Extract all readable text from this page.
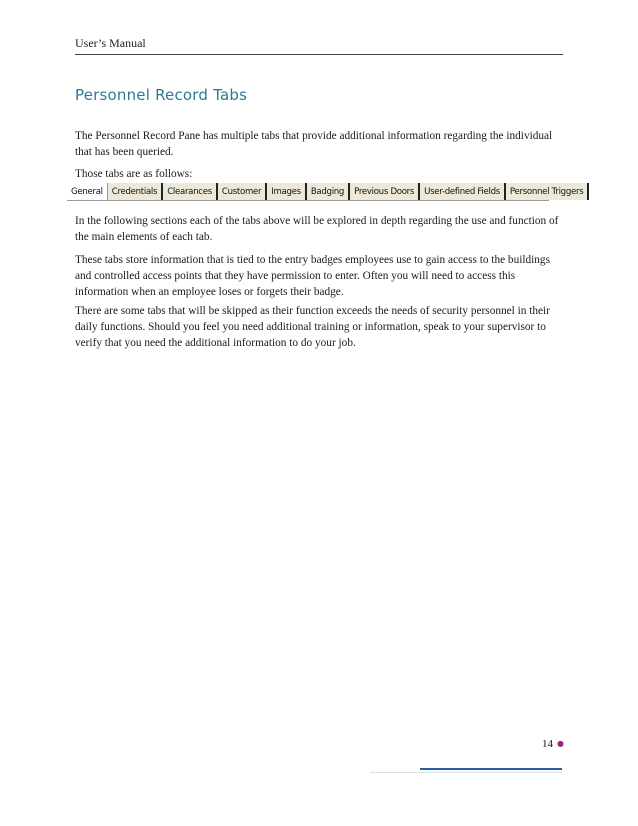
User’s Manual
Personnel Record Tabs

The Personnel Record Pane has multiple tabs that provide additional information regarding the individual that has been queried.

Those tabs are as follows:

General	Credentials	Clearances	Customer	Images	Badging	Previous Doors	User-defined Fields	Personnel Triggers

In the following sections each of the tabs above will be explored in depth regarding the use and function of the main elements of each tab.

These tabs store information that is tied to the entry badges employees use to gain access to the buildings and controlled access points that they have permission to enter. Often you will need to access this information when an employee loses or forgets their badge.

There are some tabs that will be skipped as their function exceeds the needs of security personnel in their daily functions. Should you feel you need additional training or information, speak to your supervisor to verify that you need the additional information to do your job.

14 ●
